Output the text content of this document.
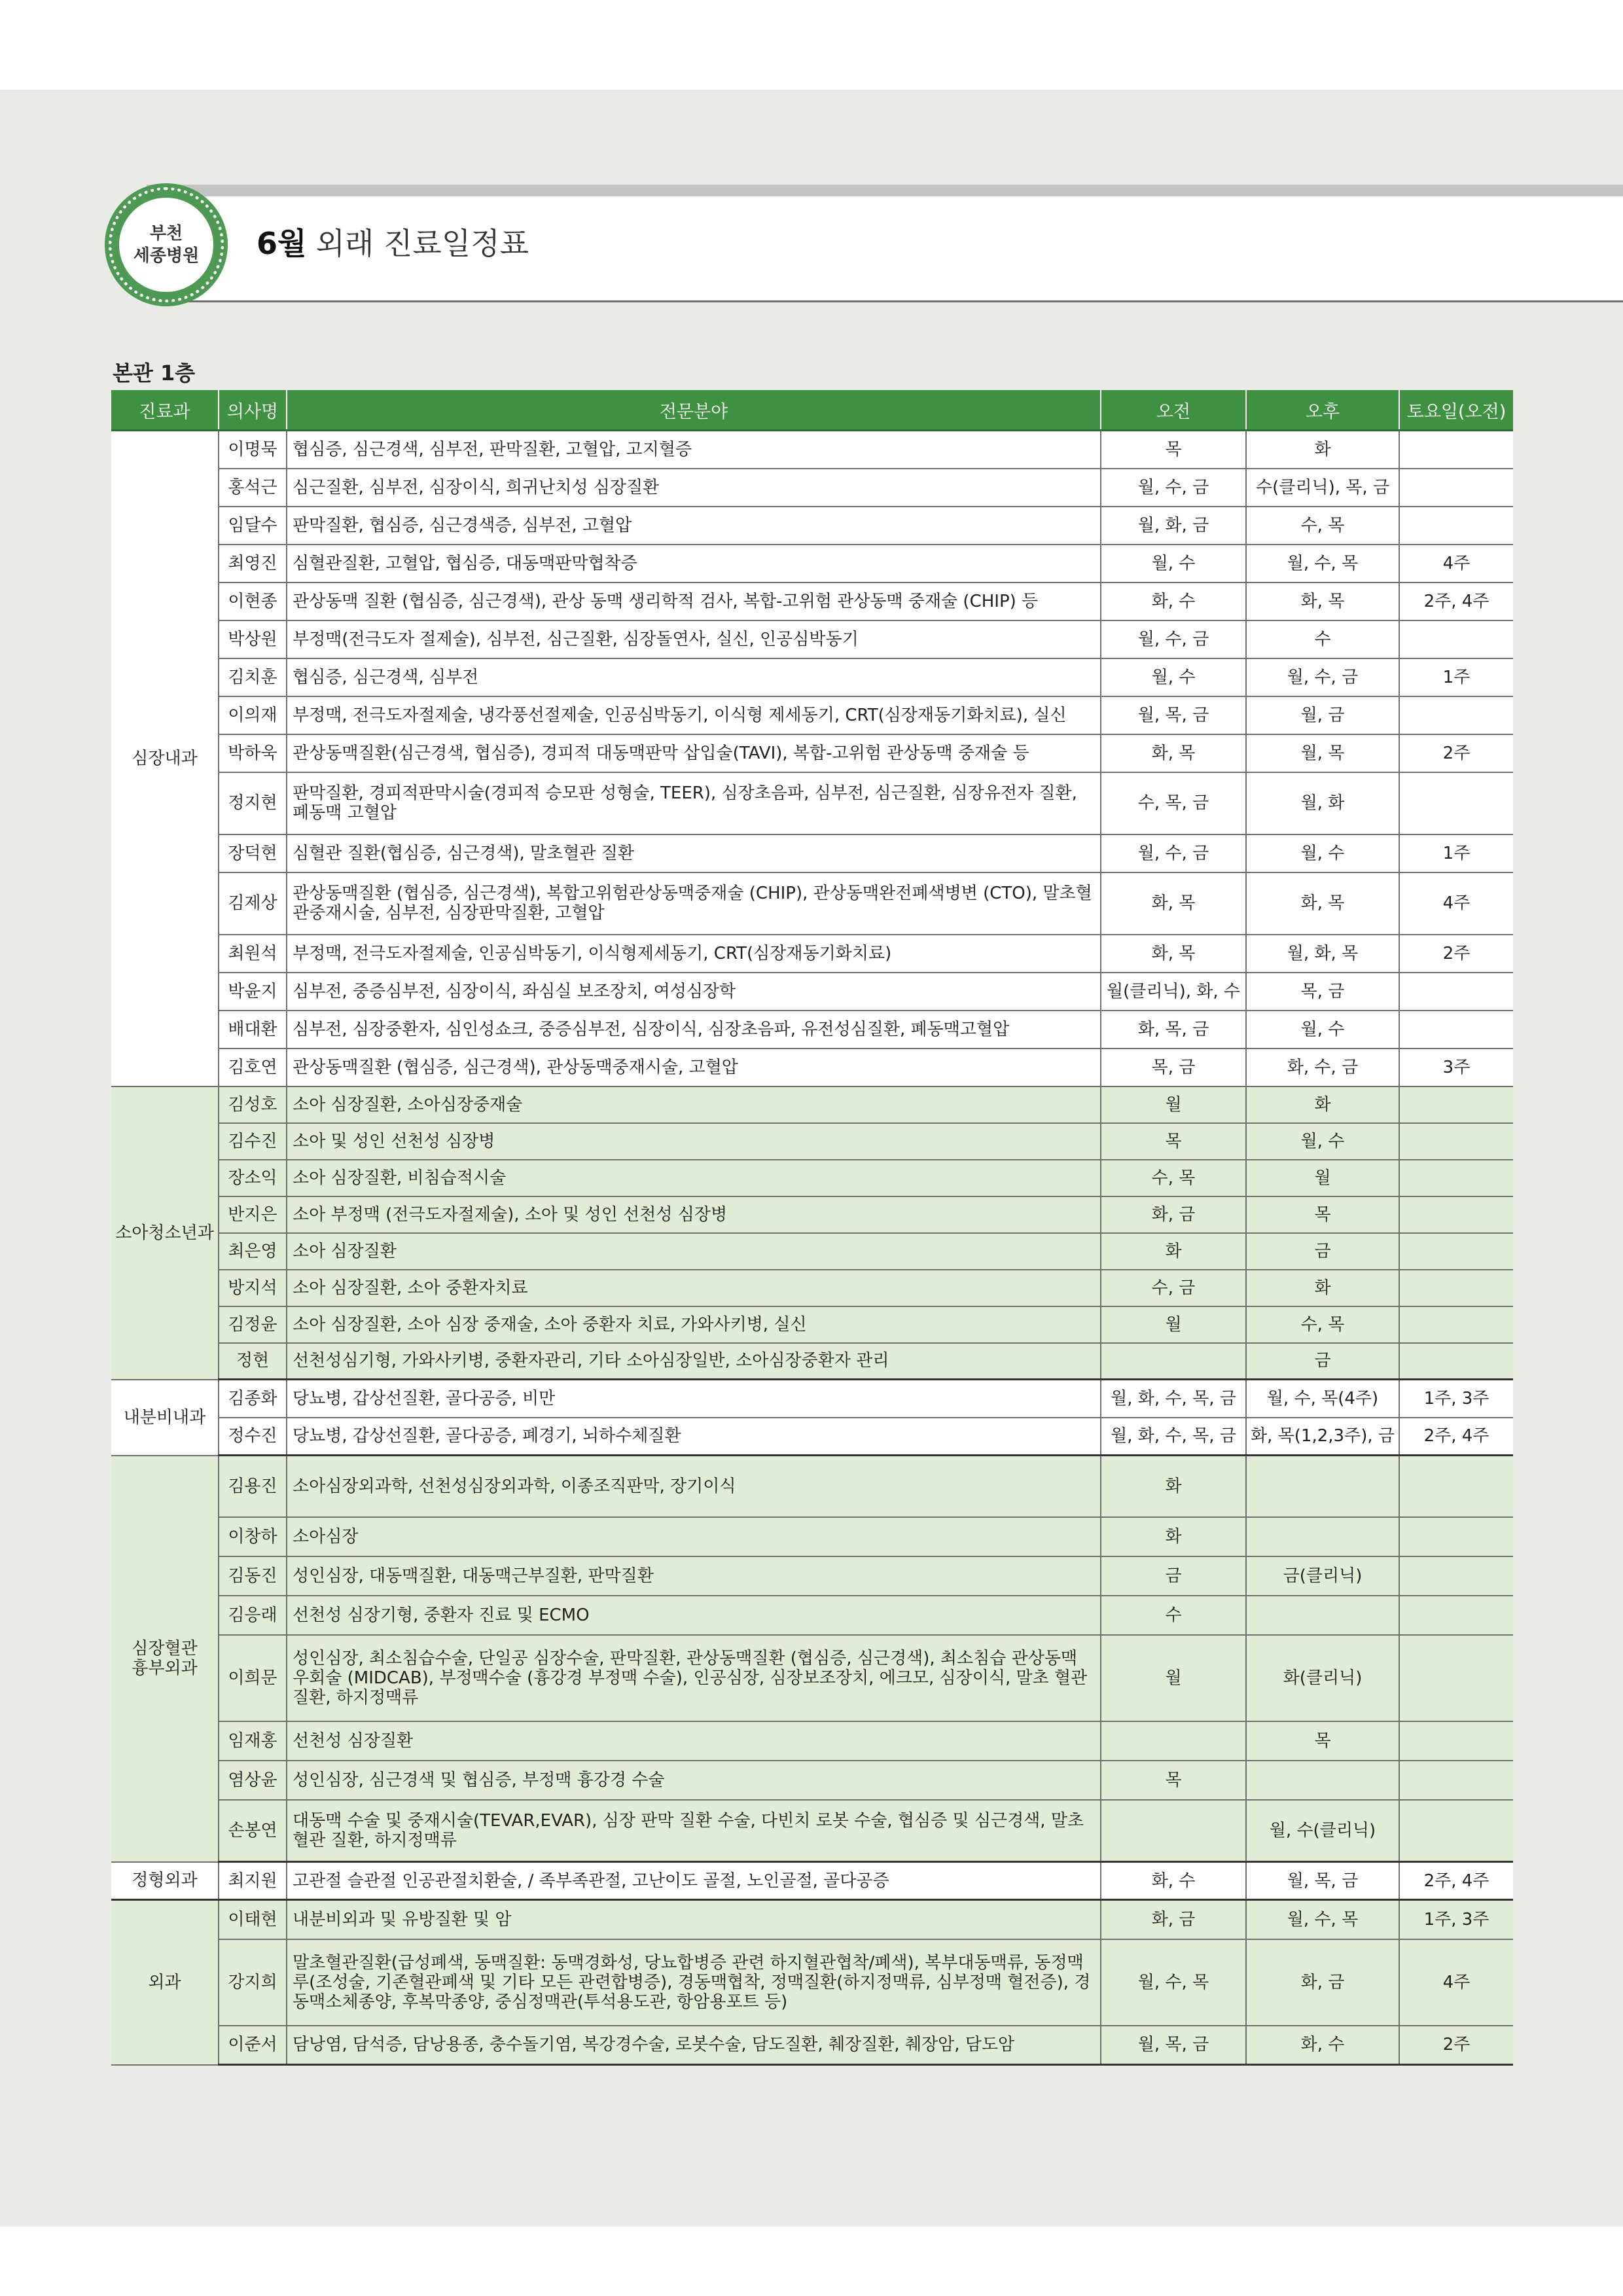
부천
세종병원 6월 외래 진료일정표
본관 1층
진료과	의사명	전문분야	오전	오후	토요일(오전)
심장내과	이명묵	협심증, 심근경색, 심부전, 판막질환, 고혈압, 고지혈증	목	화	
	홍석근	심근질환, 심부전, 심장이식, 희귀난치성 심장질환	월, 수, 금	수(클리닉), 목, 금	
	임달수	판막질환, 협심증, 심근경색증, 심부전, 고혈압	월, 화, 금	수, 목	
	최영진	심혈관질환, 고혈압, 협심증, 대동맥판막협착증	월, 수	월, 수, 목	4주
	이현종	관상동맥 질환 (협심증, 심근경색), 관상 동맥 생리학적 검사, 복합-고위험 관상동맥 중재술 (CHIP) 등	화, 수	화, 목	2주, 4주
	박상원	부정맥(전극도자 절제술), 심부전, 심근질환, 심장돌연사, 실신, 인공심박동기	월, 수, 금	수	
	김치훈	협심증, 심근경색, 심부전	월, 수	월, 수, 금	1주
	이의재	부정맥, 전극도자절제술, 냉각풍선절제술, 인공심박동기, 이식형 제세동기, CRT(심장재동기화치료), 실신	월, 목, 금	월, 금	
	박하욱	관상동맥질환(심근경색, 협심증), 경피적 대동맥판막 삽입술(TAVI), 복합-고위험 관상동맥 중재술 등	화, 목	월, 목	2주
	정지현	판막질환, 경피적판막시술(경피적 승모판 성형술, TEER), 심장초음파, 심부전, 심근질환, 심장유전자 질환, 폐동맥 고혈압	수, 목, 금	월, 화	
	장덕현	심혈관 질환(협심증, 심근경색), 말초혈관 질환	월, 수, 금	월, 수	1주
	김제상	관상동맥질환 (협심증, 심근경색), 복합고위험관상동맥중재술 (CHIP), 관상동맥완전폐색병변 (CTO), 말초혈관중재시술, 심부전, 심장판막질환, 고혈압	화, 목	화, 목	4주
	최원석	부정맥, 전극도자절제술, 인공심박동기, 이식형제세동기, CRT(심장재동기화치료)	화, 목	월, 화, 목	2주
	박윤지	심부전, 중증심부전, 심장이식, 좌심실 보조장치, 여성심장학	월(클리닉), 화, 수	목, 금	
	배대환	심부전, 심장중환자, 심인성쇼크, 중증심부전, 심장이식, 심장초음파, 유전성심질환, 폐동맥고혈압	화, 목, 금	월, 수	
	김호연	관상동맥질환 (협심증, 심근경색), 관상동맥중재시술, 고혈압	목, 금	화, 수, 금	3주
소아청소년과	김성호	소아 심장질환, 소아심장중재술	월	화	
	김수진	소아 및 성인 선천성 심장병	목	월, 수	
	장소익	소아 심장질환, 비침습적시술	수, 목	월	
	반지은	소아 부정맥 (전극도자절제술), 소아 및 성인 선천성 심장병	화, 금	목	
	최은영	소아 심장질환	화	금	
	방지석	소아 심장질환, 소아 중환자치료	수, 금	화	
	김정윤	소아 심장질환, 소아 심장 중재술, 소아 중환자 치료, 가와사키병, 실신	월	수, 목	
	정현	선천성심기형, 가와사키병, 중환자관리, 기타 소아심장일반, 소아심장중환자 관리		금	
내분비내과	김종화	당뇨병, 갑상선질환, 골다공증, 비만	월, 화, 수, 목, 금	월, 수, 목(4주)	1주, 3주
	정수진	당뇨병, 갑상선질환, 골다공증, 폐경기, 뇌하수체질환	월, 화, 수, 목, 금	화, 목(1,2,3주), 금	2주, 4주
심장혈관
흉부외과	김용진	소아심장외과학, 선천성심장외과학, 이종조직판막, 장기이식	화		
	이창하	소아심장	화		
	김동진	성인심장, 대동맥질환, 대동맥근부질환, 판막질환	금	금(클리닉)	
	김응래	선천성 심장기형, 중환자 진료 및 ECMO	수		
	이희문	성인심장, 최소침습수술, 단일공 심장수술, 판막질환, 관상동맥질환 (협심증, 심근경색), 최소침습 관상동맥 우회술 (MIDCAB), 부정맥수술 (흉강경 부정맥 수술), 인공심장, 심장보조장치, 에크모, 심장이식, 말초 혈관 질환, 하지정맥류	월	화(클리닉)	
	임재홍	선천성 심장질환		목	
	염상윤	성인심장, 심근경색 및 협심증, 부정맥 흉강경 수술	목		
	손봉연	대동맥 수술 및 중재시술(TEVAR,EVAR), 심장 판막 질환 수술, 다빈치 로봇 수술, 협심증 및 심근경색, 말초 혈관 질환, 하지정맥류		월, 수(클리닉)	
정형외과	최지원	고관절 슬관절 인공관절치환술, / 족부족관절, 고난이도 골절, 노인골절, 골다공증	화, 수	월, 목, 금	2주, 4주
외과	이태현	내분비외과 및 유방질환 및 암	화, 금	월, 수, 목	1주, 3주
	강지희	말초혈관질환(급성폐색, 동맥질환: 동맥경화성, 당뇨합병증 관련 하지혈관협착/폐색), 복부대동맥류, 동정맥루(조성술, 기존혈관폐색 및 기타 모든 관련합병증), 경동맥협착, 정맥질환(하지정맥류, 심부정맥 혈전증), 경동맥소체종양, 후복막종양, 중심정맥관(투석용도관, 항암용포트 등)	월, 수, 목	화, 금	4주
	이준서	담낭염, 담석증, 담낭용종, 충수돌기염, 복강경수술, 로봇수술, 담도질환, 췌장질환, 췌장암, 담도암	월, 목, 금	화, 수	2주
